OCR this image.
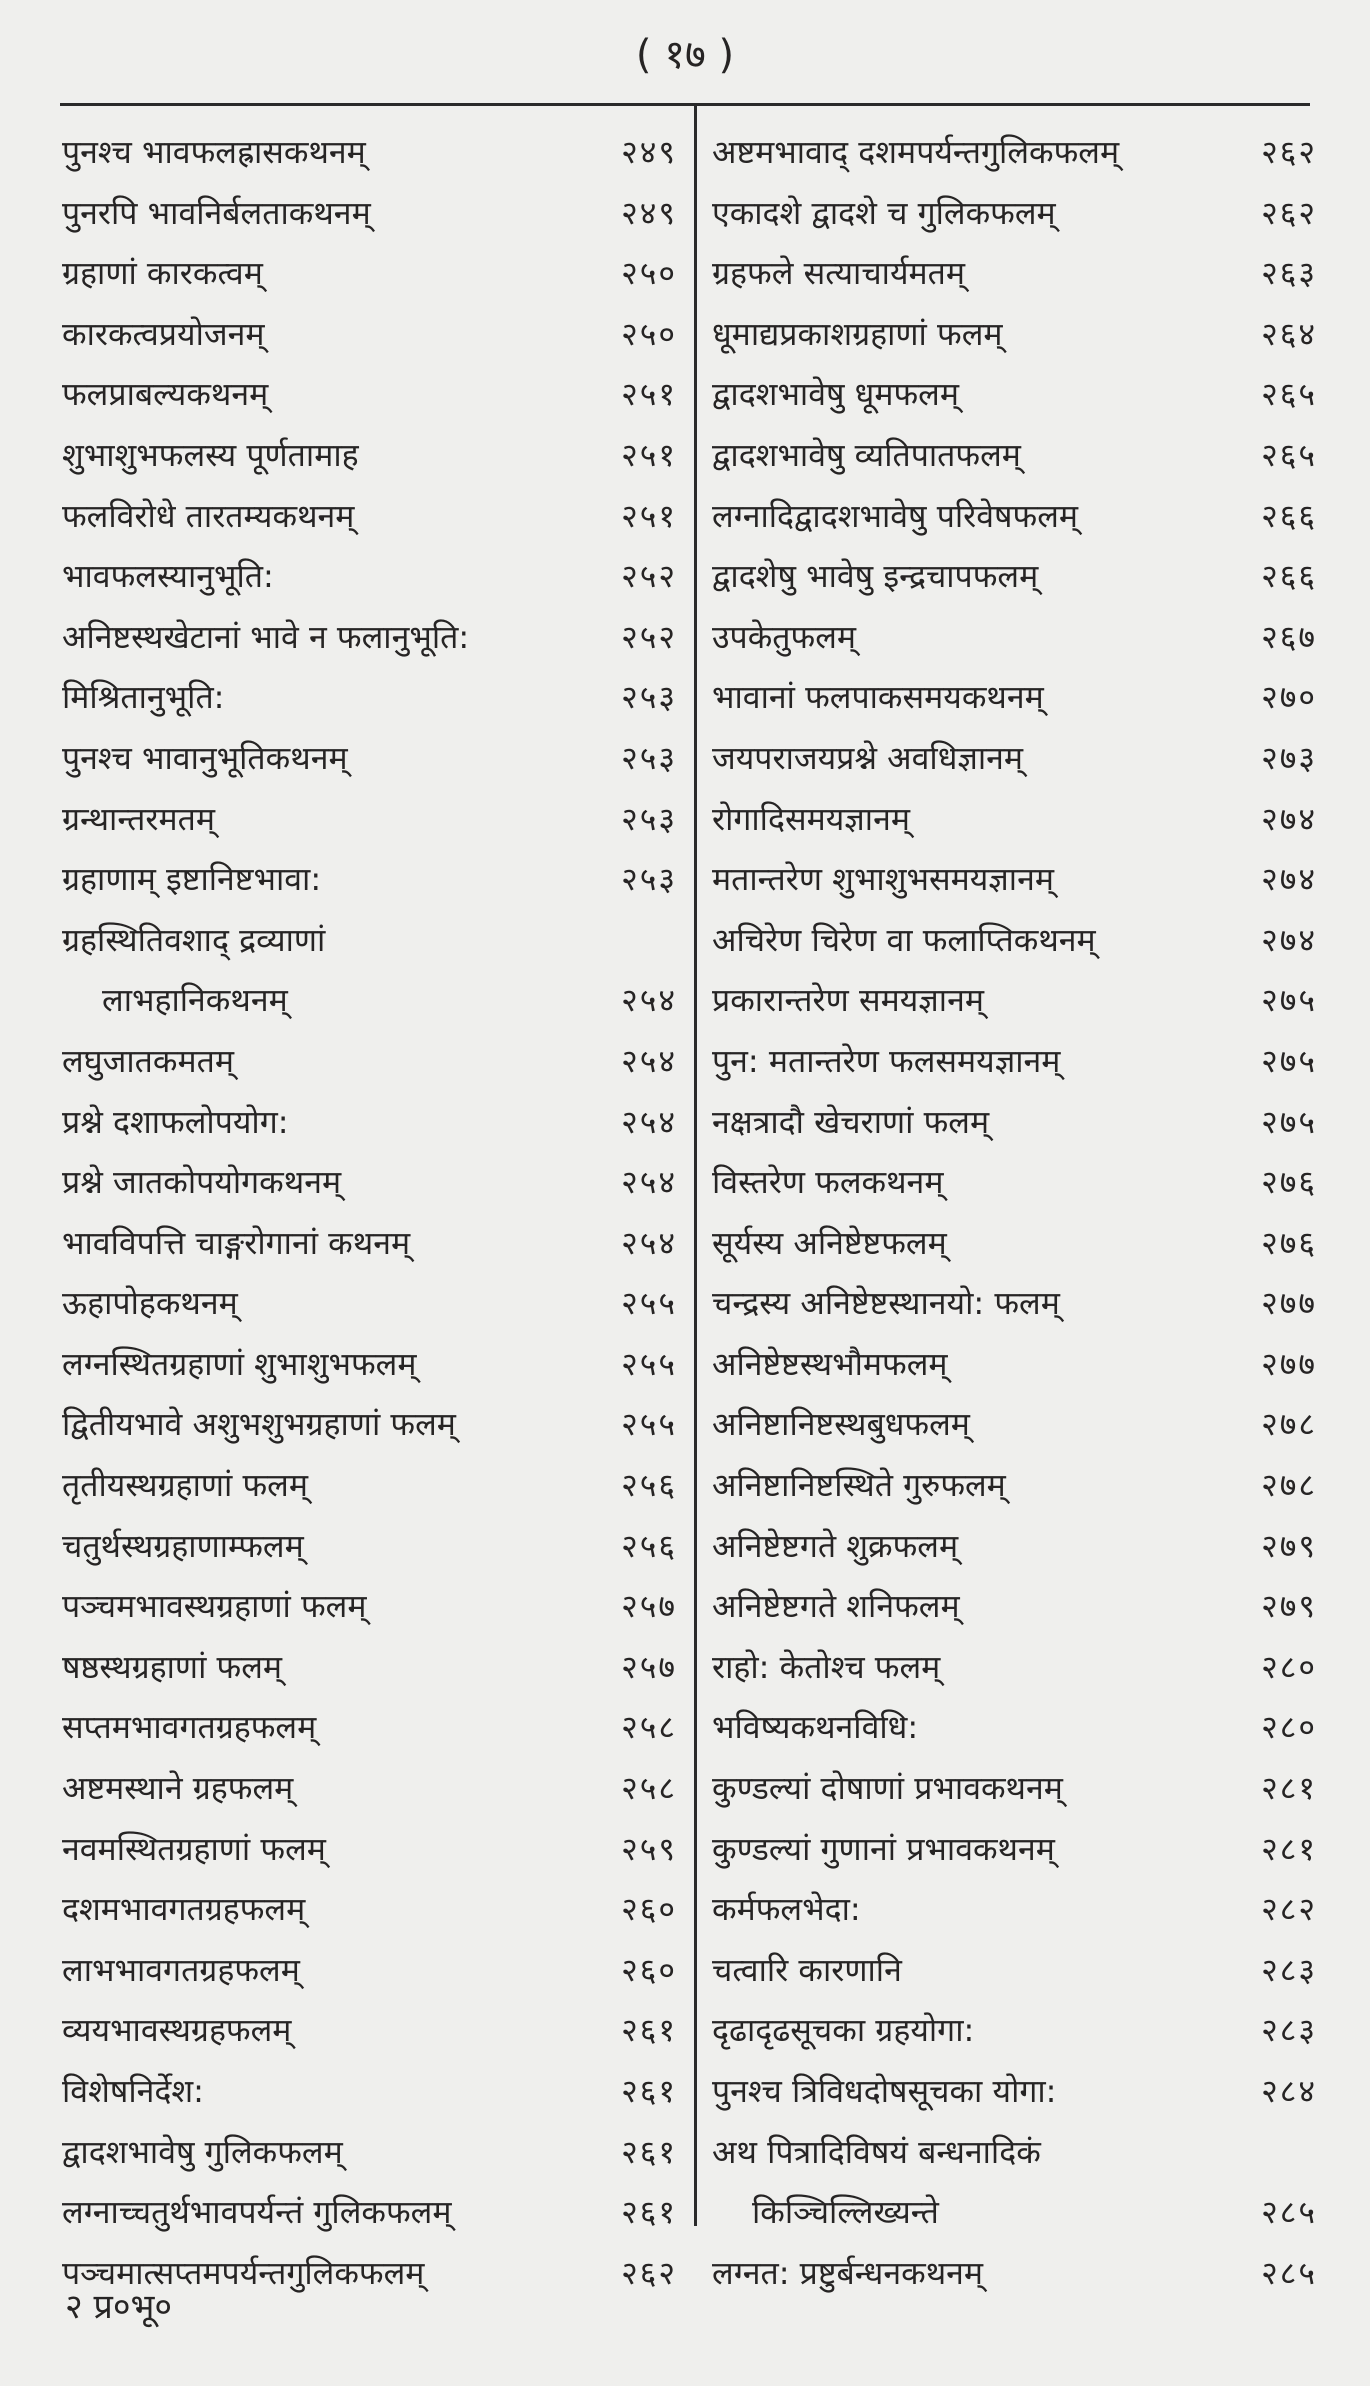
( १७ )
पुनश्च भावफलह्रासकथनम्	२४९
पुनरपि भावनिर्बलताकथनम्	२४९
ग्रहाणां कारकत्वम्	२५०
कारकत्वप्रयोजनम्	२५०
फलप्राबल्यकथनम्	२५१
शुभाशुभफलस्य पूर्णतामाह	२५१
फलविरोधे तारतम्यकथनम्	२५१
भावफलस्यानुभूति:	२५२
अनिष्टस्थखेटानां भावे न फलानुभूति:	२५२
मिश्रितानुभूति:	२५३
पुनश्च भावानुभूतिकथनम्	२५३
ग्रन्थान्तरमतम्	२५३
ग्रहाणाम् इष्टानिष्टभावा:	२५३
ग्रहस्थितिवशाद् द्रव्याणां
लाभहानिकथनम्	२५४
लघुजातकमतम्	२५४
प्रश्ने दशाफलोपयोग:	२५४
प्रश्ने जातकोपयोगकथनम्	२५४
भावविपत्ति चाङ्गरोगानां कथनम्	२५४
ऊहापोहकथनम्	२५५
लग्नस्थितग्रहाणां शुभाशुभफलम्	२५५
द्वितीयभावे अशुभशुभग्रहाणां फलम्	२५५
तृतीयस्थग्रहाणां फलम्	२५६
चतुर्थस्थग्रहाणाम्फलम्	२५६
पञ्चमभावस्थग्रहाणां फलम्	२५७
षष्ठस्थग्रहाणां फलम्	२५७
सप्तमभावगतग्रहफलम्	२५८
अष्टमस्थाने ग्रहफलम्	२५८
नवमस्थितग्रहाणां फलम्	२५९
दशमभावगतग्रहफलम्	२६०
लाभभावगतग्रहफलम्	२६०
व्ययभावस्थग्रहफलम्	२६१
विशेषनिर्देश:	२६१
द्वादशभावेषु गुलिकफलम्	२६१
लग्नाच्चतुर्थभावपर्यन्तं गुलिकफलम्	२६१
पञ्चमात्सप्तमपर्यन्तगुलिकफलम्	२६२
अष्टमभावाद् दशमपर्यन्तगुलिकफलम्	२६२
एकादशे द्वादशे च गुलिकफलम्	२६२
ग्रहफले सत्याचार्यमतम्	२६३
धूमाद्यप्रकाशग्रहाणां फलम्	२६४
द्वादशभावेषु धूमफलम्	२६५
द्वादशभावेषु व्यतिपातफलम्	२६५
लग्नादिद्वादशभावेषु परिवेषफलम्	२६६
द्वादशेषु भावेषु इन्द्रचापफलम्	२६६
उपकेतुफलम्	२६७
भावानां फलपाकसमयकथनम्	२७०
जयपराजयप्रश्ने अवधिज्ञानम्	२७३
रोगादिसमयज्ञानम्	२७४
मतान्तरेण शुभाशुभसमयज्ञानम्	२७४
अचिरेण चिरेण वा फलाप्तिकथनम्	२७४
प्रकारान्तरेण समयज्ञानम्	२७५
पुन: मतान्तरेण फलसमयज्ञानम्	२७५
नक्षत्रादौ खेचराणां फलम्	२७५
विस्तरेण फलकथनम्	२७६
सूर्यस्य अनिष्टेष्टफलम्	२७६
चन्द्रस्य अनिष्टेष्टस्थानयो: फलम्	२७७
अनिष्टेष्टस्थभौमफलम्	२७७
अनिष्टानिष्टस्थबुधफलम्	२७८
अनिष्टानिष्टस्थिते गुरुफलम्	२७८
अनिष्टेष्टगते शुक्रफलम्	२७९
अनिष्टेष्टगते शनिफलम्	२७९
राहो: केतोश्च फलम्	२८०
भविष्यकथनविधि:	२८०
कुण्डल्यां दोषाणां प्रभावकथनम्	२८१
कुण्डल्यां गुणानां प्रभावकथनम्	२८१
कर्मफलभेदा:	२८२
चत्वारि कारणानि	२८३
दृढादृढसूचका ग्रहयोगा:	२८३
पुनश्च त्रिविधदोषसूचका योगा:	२८४
अथ पित्रादिविषयं बन्धनादिकं
किञ्चिल्लिख्यन्ते	२८५
लग्नत: प्रष्टुर्बन्धनकथनम्	२८५
२ प्र०भू०
